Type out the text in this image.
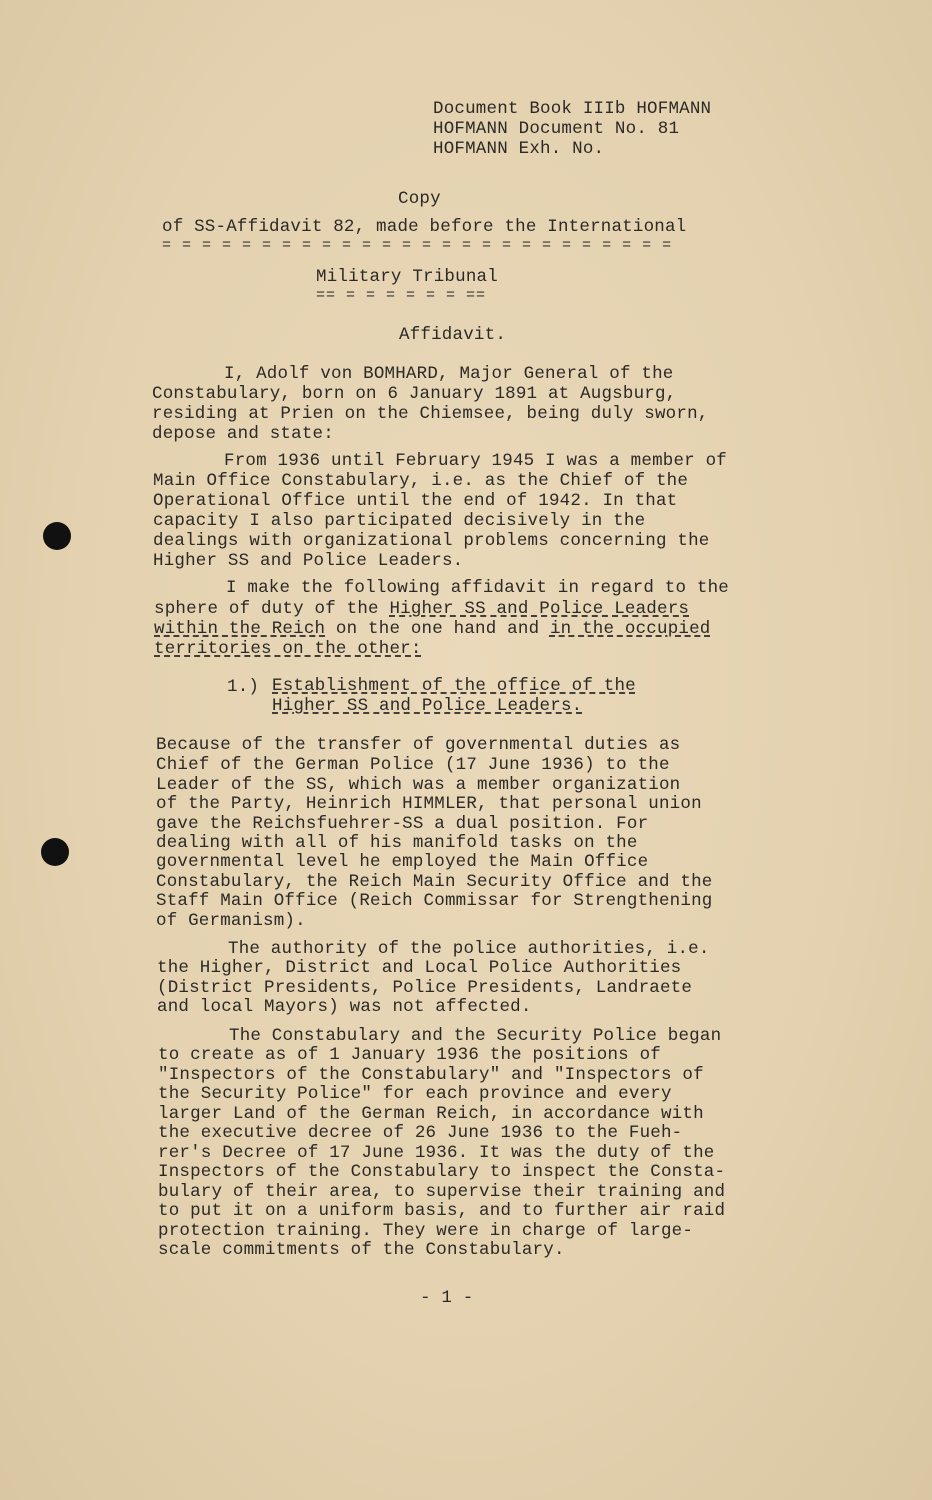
Document Book IIIb HOFMANN
HOFMANN Document No. 81
HOFMANN Exh. No.
Copy
of SS-Affidavit 82, made before the International
= = = = = = = = = = = = = = = = = = = = = = = = = =
Military Tribunal
== = = = = = = ==
Affidavit.
I, Adolf von BOMHARD, Major General of the
Constabulary, born on 6 January 1891 at Augsburg,
residing at Prien on the Chiemsee, being duly sworn,
depose and state:
From 1936 until February 1945 I was a member of
Main Office Constabulary, i.e. as the Chief of the
Operational Office until the end of 1942. In that
capacity I also participated decisively in the
dealings with organizational problems concerning the
Higher SS and Police Leaders.
I make the following affidavit in regard to the
sphere of duty of the Higher SS and Police Leaders
within the Reich on the one hand and in the occupied
territories on the other:
1.) Establishment of the office of the
Higher SS and Police Leaders.
Because of the transfer of governmental duties as
Chief of the German Police (17 June 1936) to the
Leader of the SS, which was a member organization
of the Party, Heinrich HIMMLER, that personal union
gave the Reichsfuehrer-SS a dual position. For
dealing with all of his manifold tasks on the
governmental level he employed the Main Office
Constabulary, the Reich Main Security Office and the
Staff Main Office (Reich Commissar for Strengthening
of Germanism).
The authority of the police authorities, i.e.
the Higher, District and Local Police Authorities
(District Presidents, Police Presidents, Landraete
and local Mayors) was not affected.
The Constabulary and the Security Police began
to create as of 1 January 1936 the positions of
"Inspectors of the Constabulary" and "Inspectors of
the Security Police" for each province and every
larger Land of the German Reich, in accordance with
the executive decree of 26 June 1936 to the Fueh-
rer's Decree of 17 June 1936. It was the duty of the
Inspectors of the Constabulary to inspect the Consta-
bulary of their area, to supervise their training and
to put it on a uniform basis, and to further air raid
protection training. They were in charge of large-
scale commitments of the Constabulary.
- 1 -
